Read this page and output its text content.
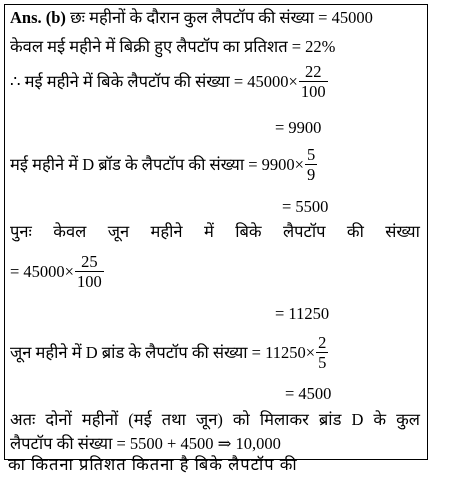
Ans. (b) छः महीनों के दौरान कुल लैपटॉप की संख्या = 45000
केवल मई महीने में बिक्री हुए लैपटॉप का प्रतिशत = 22%
∴ मई महीने में बिके लैपटॉप की संख्या = $45000\times \frac{22}{100}$
= 9900
मई महीने में D ब्रॉड के लैपटॉप की संख्या = $9900\times \frac{5}{9}$
= 5500
पुनः केवल जून महीने में बिके लैपटॉप की संख्या
= $45000\times \frac{25}{100}$
= 11250
जून महीने में D ब्रांड के लैपटॉप की संख्या = $11250\times \frac{2}{5}$
= 4500
अतः दोनों महीनों (मई तथा जून) को मिलाकर ब्रांड D के कुल
लैपटॉप की संख्या = 5500 + 4500 ⇒ 10,000
का कितना प्रतिशत कितना है बिके लैपटॉप की
